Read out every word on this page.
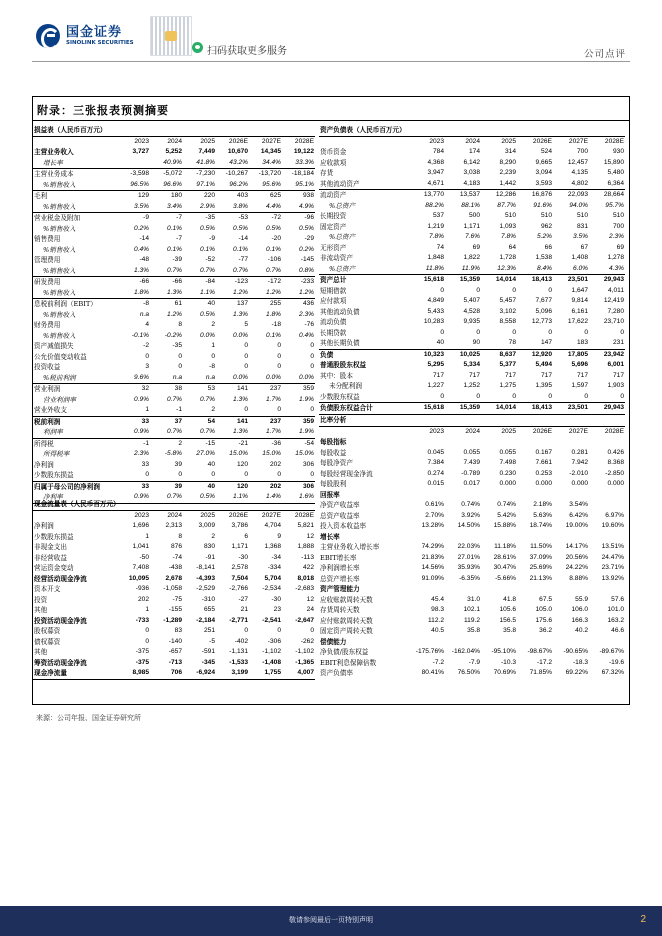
国金证券
SINOLINK SECURITIES
扫码获取更多服务	公司点评
附录：三张报表预测摘要
损益表（人民币百万元）						
	2023	2024	2025	2026E	2027E	2028E
主营业务收入	3,727	5,252	7,449	10,670	14,345	19,122
增长率		40.9%	41.8%	43.2%	34.4%	33.3%
主营业务成本	-3,598	-5,072	-7,230	-10,267	-13,720	-18,184
%销售收入	96.5%	96.6%	97.1%	96.2%	95.6%	95.1%
毛利	129	180	220	403	625	938
%销售收入	3.5%	3.4%	2.9%	3.8%	4.4%	4.9%
营业税金及附加	-9	-7	-35	-53	-72	-96
%销售收入	0.2%	0.1%	0.5%	0.5%	0.5%	0.5%
销售费用	-14	-7	-9	-14	-20	-29
%销售收入	0.4%	0.1%	0.1%	0.1%	0.1%	0.2%
管理费用	-48	-39	-52	-77	-106	-145
%销售收入	1.3%	0.7%	0.7%	0.7%	0.7%	0.8%
研发费用	-66	-66	-84	-123	-172	-233
%销售收入	1.8%	1.3%	1.1%	1.2%	1.2%	1.2%
息税前利润（EBIT）	-8	61	40	137	255	436
%销售收入	n.a	1.2%	0.5%	1.3%	1.8%	2.3%
财务费用	4	8	2	5	-18	-76
%销售收入	-0.1%	-0.2%	0.0%	0.0%	0.1%	0.4%
资产减值损失	-2	-35	1	0	0	0
公允价值变动收益	0	0	0	0	0	0
投资收益	3	0	-8	0	0	0
%税前利润	9.6%	n.a	n.a	0.0%	0.0%	0.0%
营业利润	32	38	53	141	237	359
营业利润率	0.9%	0.7%	0.7%	1.3%	1.7%	1.9%
营业外收支	1	-1	2	0	0	0
税前利润	33	37	54	141	237	359
利润率	0.9%	0.7%	0.7%	1.3%	1.7%	1.9%
所得税	-1	2	-15	-21	-36	-54
所得税率	2.3%	-5.8%	27.0%	15.0%	15.0%	15.0%
净利润	33	39	40	120	202	306
少数股东损益	0	0	0	0	0	0
归属于母公司的净利润	33	39	40	120	202	306
净利率	0.9%	0.7%	0.5%	1.1%	1.4%	1.6%
资产负债表（人民币百万元）						
	2023	2024	2025	2026E	2027E	2028E
货币资金	784	174	314	524	700	930
应收款项	4,368	6,142	8,290	9,665	12,457	15,890
存货	3,947	3,038	2,239	3,094	4,135	5,480
其他流动资产	4,671	4,183	1,442	3,593	4,802	6,364
流动资产	13,770	13,537	12,286	16,876	22,093	28,664
%总资产	88.2%	88.1%	87.7%	91.6%	94.0%	95.7%
长期投资	537	500	510	510	510	510
固定资产	1,219	1,171	1,093	962	831	700
%总资产	7.8%	7.6%	7.8%	5.2%	3.5%	2.3%
无形资产	74	69	64	66	67	69
非流动资产	1,848	1,822	1,728	1,538	1,408	1,278
%总资产	11.8%	11.9%	12.3%	8.4%	6.0%	4.3%
资产总计	15,618	15,359	14,014	18,413	23,501	29,943
短期借款	0	0	0	0	1,647	4,011
应付款项	4,849	5,407	5,457	7,677	9,814	12,419
其他流动负债	5,433	4,528	3,102	5,096	6,161	7,280
流动负债	10,283	9,935	8,558	12,773	17,622	23,710
长期贷款	0	0	0	0	0	0
其他长期负债	40	90	78	147	183	231
负债	10,323	10,025	8,637	12,920	17,805	23,942
普通股股东权益	5,295	5,334	5,377	5,494	5,696	6,001
其中：股本	717	717	717	717	717	717
未分配利润	1,227	1,252	1,275	1,395	1,597	1,903
少数股东权益	0	0	0	0	0	0
负债股东权益合计	15,618	15,359	14,014	18,413	23,501	29,943
比率分析						
	2023	2024	2025	2026E	2027E	2028E
每股指标						
每股收益	0.045	0.055	0.055	0.167	0.281	0.426
每股净资产	7.384	7.439	7.498	7.661	7.942	8.368
每股经营现金净流	0.274	-0.789	0.230	0.253	-2.010	-2.850
每股股利	0.015	0.017	0.000	0.000	0.000	0.000
回报率						
净资产收益率	0.61%	0.74%	0.74%	2.18%	3.54%	
总资产收益率	2.70%	3.92%	5.42%	5.63%	6.42%	6.97%
投入资本收益率	13.28%	14.50%	15.88%	18.74%	19.00%	19.60%
增长率						
主营业务收入增长率	74.29%	22.03%	11.18%	11.50%	14.17%	13.51%
EBIT增长率	21.83%	27.01%	28.61%	37.09%	20.56%	24.47%
净利润增长率	14.56%	35.93%	30.47%	25.69%	24.22%	23.71%
总资产增长率	91.09%	-6.35%	-5.66%	21.13%	8.88%	13.92%
资产管理能力						
应收账款周转天数	45.4	31.0	41.8	67.5	55.9	57.6
存货周转天数	98.3	102.1	105.6	105.0	106.0	101.0
应付账款周转天数	112.2	119.2	156.5	175.6	166.3	163.2
固定资产周转天数	40.5	35.8	35.8	36.2	40.2	46.6
偿债能力						
净负债/股东权益	-175.76%	-162.04%	-95.10%	-98.67%	-90.65%	-89.67%
EBIT利息保障倍数	-7.2	-7.9	-10.3	-17.2	-18.3	-19.6
资产负债率	80.41%	76.50%	70.69%	71.85%	69.22%	67.32%
现金流量表（人民币百万元）						
	2023	2024	2025	2026E	2027E	2028E
净利润	1,696	2,313	3,009	3,786	4,704	5,821
少数股东损益	1	8	2	6	9	12
非现金支出	1,041	876	830	1,171	1,368	1,888
非经营收益	-50	-74	-91	-30	-34	-113
营运资金变动	7,408	-438	-8,141	2,578	-334	422
经营活动现金净流	10,095	2,678	-4,393	7,504	5,704	8,018
资本开支	-936	-1,058	-2,529	-2,766	-2,534	-2,683
投资	202	-75	-310	-27	-30	12
其他	1	-155	655	21	23	24
投资活动现金净流	-733	-1,289	-2,184	-2,771	-2,541	-2,647
股权募资	0	83	251	0	0	0
债权募资	0	-140	-5	-402	-306	-262
其他	-375	-657	-591	-1,131	-1,102	-1,102
筹资活动现金净流	-375	-713	-345	-1,533	-1,408	-1,365
现金净流量	8,985	706	-6,924	3,199	1,755	4,007
来源：公司年报、国金证券研究所
敬请参阅最后一页特别声明	2
